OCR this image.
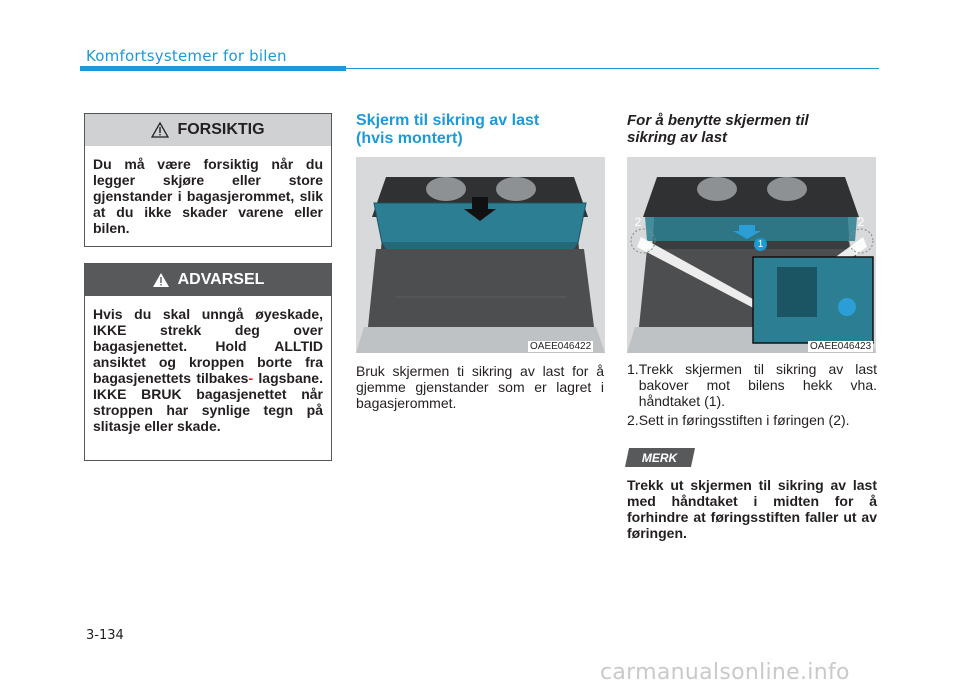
Komfortsystemer for bilen
FORSIKTIG
Du må være forsiktig når du legger skjøre eller store gjenstander i bagasjerommet, slik at du ikke skader varene eller bilen.
ADVARSEL
Hvis du skal unngå øyeskade, IKKE strekk deg over bagasjenettet. Hold ALLTID ansiktet og kroppen borte fra bagasjenettets tilbakes- lagsbane. IKKE BRUK bagasjenettet når stroppen har synlige tegn på slitasje eller skade.
Skjerm til sikring av last
(hvis montert)
OAEE046422
Bruk skjermen ti sikring av last for å gjemme gjenstander som er lagret i bagasjerommet.
For å benytte skjermen til
sikring av last
2	2
1
OAEE046423
1. Trekk skjermen til sikring av last bakover mot bilens hekk vha. håndtaket (1).
2. Sett in føringsstiften i føringen (2).
MERK
Trekk ut skjermen til sikring av last med håndtaket i midten for å forhindre at føringsstiften faller ut av føringen.
3-134
carmanualsonline.info
